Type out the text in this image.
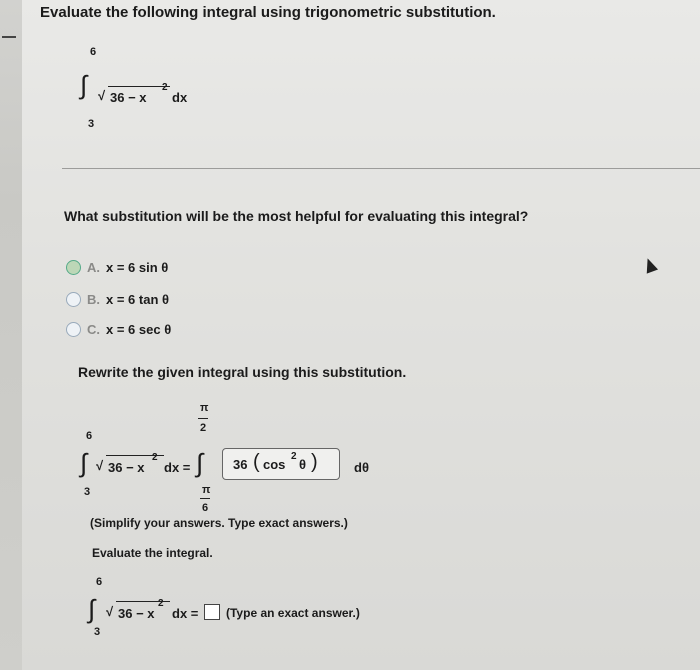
Evaluate the following integral using trigonometric substitution.
6
∫
3
√ 36 − x
2
dx
What substitution will be the most helpful for evaluating this integral?
A. x = 6 sin θ
B. x = 6 tan θ
C. x = 6 sec θ
Rewrite the given integral using this substitution.
6
∫
3
√ 36 − x
2
dx =
π
2
∫
π
6
36 ( cos
2
θ )	dθ
(Simplify your answers. Type exact answers.)
Evaluate the integral.
6
∫
3
√ 36 − x
2
dx = (Type an exact answer.)
